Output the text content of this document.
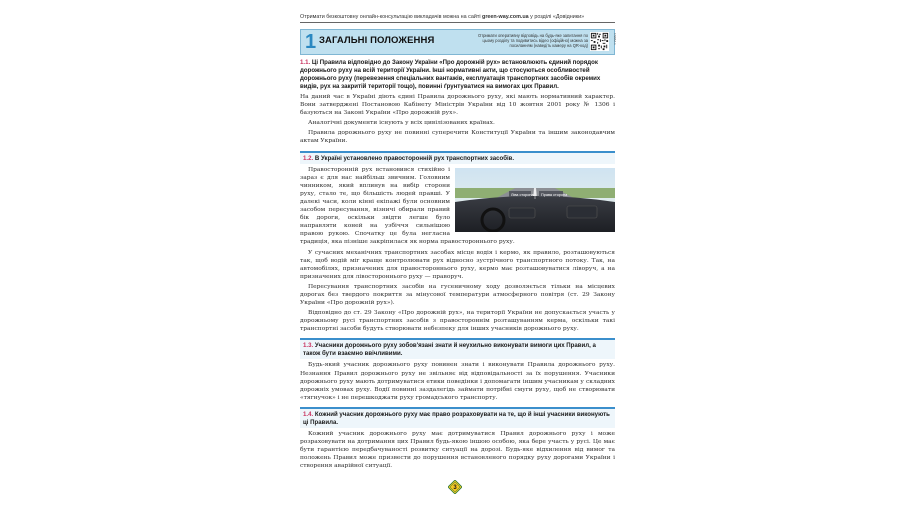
Отримати безкоштовну онлайн-консультацію викладачів можна на сайті green-way.com.ua у розділі «Довідники»
1 ЗАГАЛЬНІ ПОЛОЖЕННЯ	Отримати оперативну відповідь на будь-яке запитання по цьому розділу та подивитись відео (офіційно) можна за посиланням (наведіть камеру на QR-код)
ГЛАВА 1
1.1. Ці Правила відповідно до Закону України «Про дорожній рух» встановлюють єдиний порядок дорожнього руху на всій території України. Інші нормативні акти, що стосуються особливостей дорожнього руху (перевезення спеціальних вантажів, експлуатація транспортних засобів окремих видів, рух на закритій території тощо), повинні ґрунтуватися на вимогах цих Правил.

На даний час в Україні діють єдині Правила дорожнього руху, які мають нормативний характер. Вони затверджені Постановою Кабінету Міністрів України від 10 жовтня 2001 року № 1306 і базуються на Законі України «Про дорожній рух».

Аналогічні документи існують у всіх цивілізованих країнах.

Правила дорожнього руху не повинні суперечити Конституції України та іншим законодавчим актам України.

1.2. В Україні установлено правосторонній рух транспортних засобів.
Ліва сторона Права сторона

Правосторонній рух встановився стихійно і зараз є для нас найбільш звичним. Головним чинником, який вплинув на вибір сторони руху, стало те, що більшість людей правші. У далекі часи, коли кінні екіпажі були основним засобом пересування, візничі обирали правий бік дороги, оскільки звідти легше було направляти коней на узбіччя сильнішою правою рукою. Спочатку це була негласна традиція, яка пізніше закріпилася як норма правостороннього руху.

У сучасних механічних транспортних засобах місце водія і кермо, як правило, розташовуються так, щоб водій міг краще контролювати рух відносно зустрічного транспортного потоку. Так, на автомобілях, призначених для правостороннього руху, кермо має розташовуватися ліворуч, а на призначених для лівостороннього руху — праворуч.

Пересування транспортних засобів на гусеничному ходу дозволяється тільки на місцевих дорогах без твердого покриття за мінусової температури атмосферного повітря (ст. 29 Закону України «Про дорожній рух»).

Відповідно до ст. 29 Закону «Про дорожній рух», на території України не допускається участь у дорожньому русі транспортних засобів з правостороннім розташуванням керма, оскільки такі транспортні засоби будуть створювати небезпеку для інших учасників дорожнього руху.

1.3. Учасники дорожнього руху зобов'язані знати й неухильно виконувати вимоги цих Правил, а також бути взаємно ввічливими.

Будь-який учасник дорожнього руху повинен знати і виконувати Правила дорожнього руху. Незнання Правил дорожнього руху не звільняє від відповідальності за їх порушення. Учасники дорожнього руху мають дотримуватися етики поведінки і допомагати іншим учасникам у складних дорожніх умовах руху. Водії повинні заздалегідь займати потрібні смуги руху, щоб не створювати «тягнучок» і не перешкоджати руху громадського транспорту.

1.4. Кожний учасник дорожнього руху має право розраховувати на те, що й інші учасники виконують ці Правила.

Кожний учасник дорожнього руху має дотримуватися Правил дорожнього руху і може розраховувати на дотримання цих Правил будь-якою іншою особою, яка бере участь у русі. Це має бути гарантією передбачуваності розвитку ситуації на дорозі. Будь-яке відхилення від вимог та положень Правил може призвести до порушення встановленого порядку руху дорогами України і створення аварійної ситуації.

3
